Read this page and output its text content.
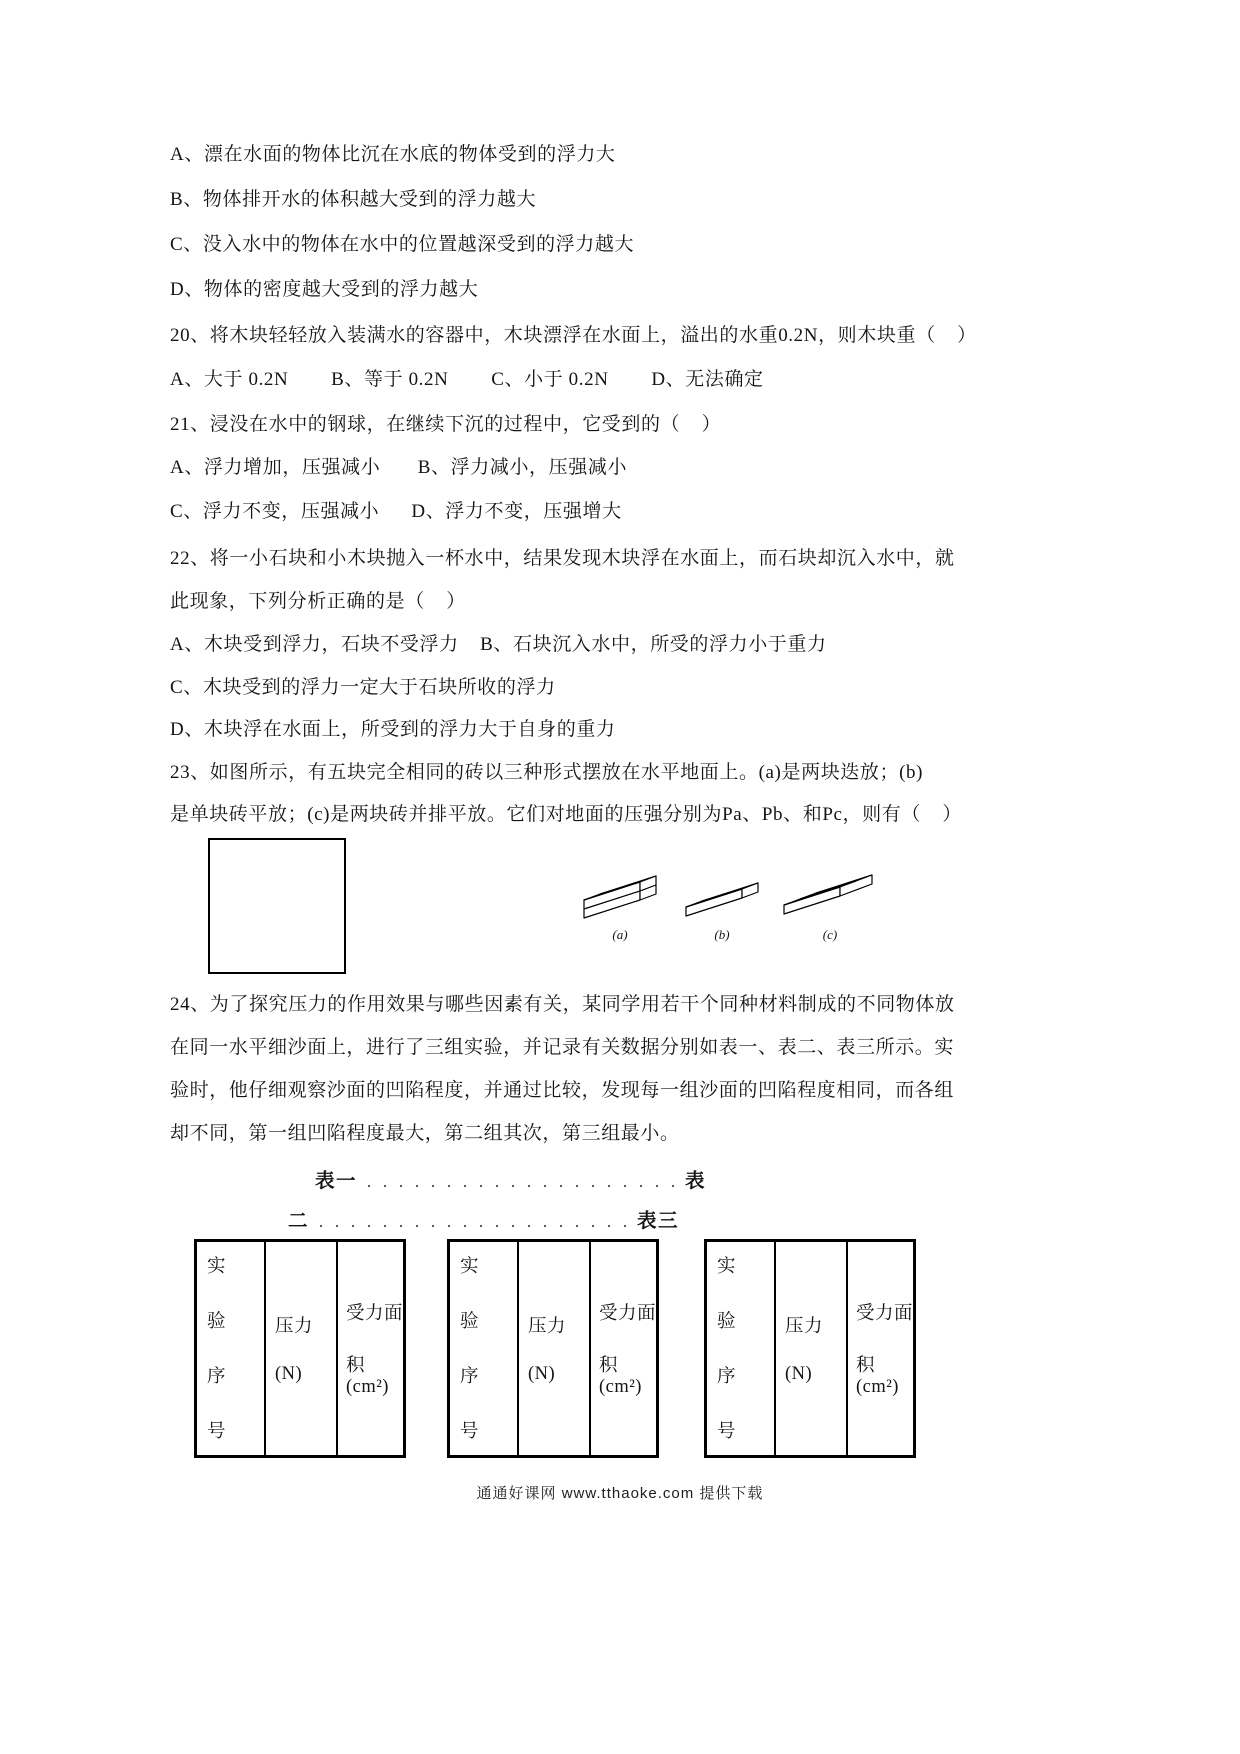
A、漂在水面的物体比沉在水底的物体受到的浮力大

B、物体排开水的体积越大受到的浮力越大

C、没入水中的物体在水中的位置越深受到的浮力越大

D、物体的密度越大受到的浮力越大

20、将木块轻轻放入装满水的容器中，木块漂浮在水面上，溢出的水重0.2N，则木块重（    ）

A、大于 0.2N        B、等于 0.2N        C、小于 0.2N        D、无法确定

21、浸没在水中的钢球，在继续下沉的过程中，它受到的（    ）

A、浮力增加，压强减小       B、浮力减小，压强减小

C、浮力不变，压强减小      D、浮力不变，压强增大

22、将一小石块和小木块抛入一杯水中，结果发现木块浮在水面上，而石块却沉入水中，就

此现象，下列分析正确的是（    ）

A、木块受到浮力，石块不受浮力    B、石块沉入水中，所受的浮力小于重力

C、木块受到的浮力一定大于石块所收的浮力

D、木块浮在水面上，所受到的浮力大于自身的重力

23、如图所示，有五块完全相同的砖以三种形式摆放在水平地面上。(a)是两块迭放；(b)

是单块砖平放；(c)是两块砖并排平放。它们对地面的压强分别为Pa、Pb、和Pc，则有（    ）

(a)	(b)	(c)

24、为了探究压力的作用效果与哪些因素有关，某同学用若干个同种材料制成的不同物体放

在同一水平细沙面上，进行了三组实验，并记录有关数据分别如表一、表二、表三所示。实

验时，他仔细观察沙面的凹陷程度，并通过比较，发现每一组沙面的凹陷程度相同，而各组

却不同，第一组凹陷程度最大，第二组其次，第三组最小。

表一 .   .   .   .   .   .   .   .   .   .   .   .   .   .   .   .   .   .   .   . 表

二 .   .   .   .   .   .   .   .   .   .   .   .   .   .   .   .   .   .   .   . 表三

实
验
序
号
压力
(N)
受力面
积(cm²)
实
验
序
号
压力
(N)
受力面
积 (cm²)
实
验
序
号
压力
(N)
受力面
积 (cm²)
通通好课网 www.tthaoke.com 提供下载
